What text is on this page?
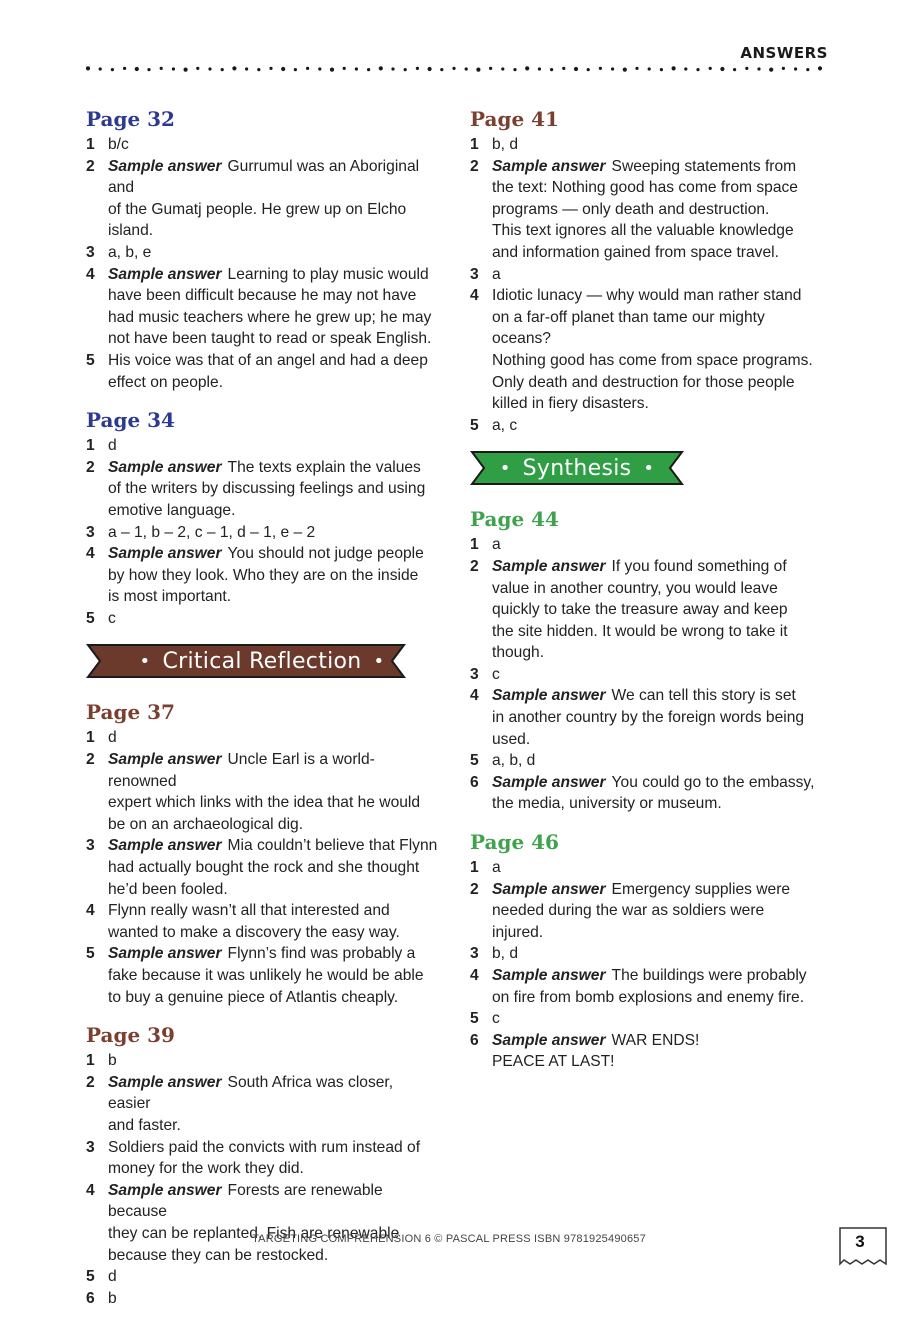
ANSWERS
Page 32
1 b/c
2 Sample answer Gurrumul was an Aboriginal and
of the Gumatj people. He grew up on Elcho island.
3 a, b, e
4 Sample answer Learning to play music would
have been difficult because he may not have
had music teachers where he grew up; he may
not have been taught to read or speak English.
5 His voice was that of an angel and had a deep
effect on people.
Page 34
1 d
2 Sample answer The texts explain the values
of the writers by discussing feelings and using
emotive language.
3 a – 1, b – 2, c – 1, d – 1, e – 2
4 Sample answer You should not judge people
by how they look. Who they are on the inside
is most important.
5 c
• Critical Reflection •
Page 37
1 d
2 Sample answer Uncle Earl is a world-renowned
expert which links with the idea that he would
be on an archaeological dig.
3 Sample answer Mia couldn’t believe that Flynn
had actually bought the rock and she thought
he’d been fooled.
4 Flynn really wasn’t all that interested and
wanted to make a discovery the easy way.
5 Sample answer Flynn’s find was probably a
fake because it was unlikely he would be able
to buy a genuine piece of Atlantis cheaply.
Page 39
1 b
2 Sample answer South Africa was closer, easier
and faster.
3 Soldiers paid the convicts with rum instead of
money for the work they did.
4 Sample answer Forests are renewable because
they can be replanted. Fish are renewable
because they can be restocked.
5 d
6 b
Page 41
1 b, d
2 Sample answer Sweeping statements from
the text: Nothing good has come from space
programs — only death and destruction.
This text ignores all the valuable knowledge
and information gained from space travel.
3 a
4 Idiotic lunacy — why would man rather stand
on a far-off planet than tame our mighty
oceans?
Nothing good has come from space programs.
Only death and destruction for those people
killed in fiery disasters.
5 a, c
• Synthesis •
Page 44
1 a
2 Sample answer If you found something of
value in another country, you would leave
quickly to take the treasure away and keep
the site hidden. It would be wrong to take it
though.
3 c
4 Sample answer We can tell this story is set
in another country by the foreign words being
used.
5 a, b, d
6 Sample answer You could go to the embassy,
the media, university or museum.
Page 46
1 a
2 Sample answer Emergency supplies were
needed during the war as soldiers were
injured.
3 b, d
4 Sample answer The buildings were probably
on fire from bomb explosions and enemy fire.
5 c
6 Sample answer WAR ENDS!
PEACE AT LAST!
TARGETING COMPREHENSION 6 © PASCAL PRESS ISBN 9781925490657	3
